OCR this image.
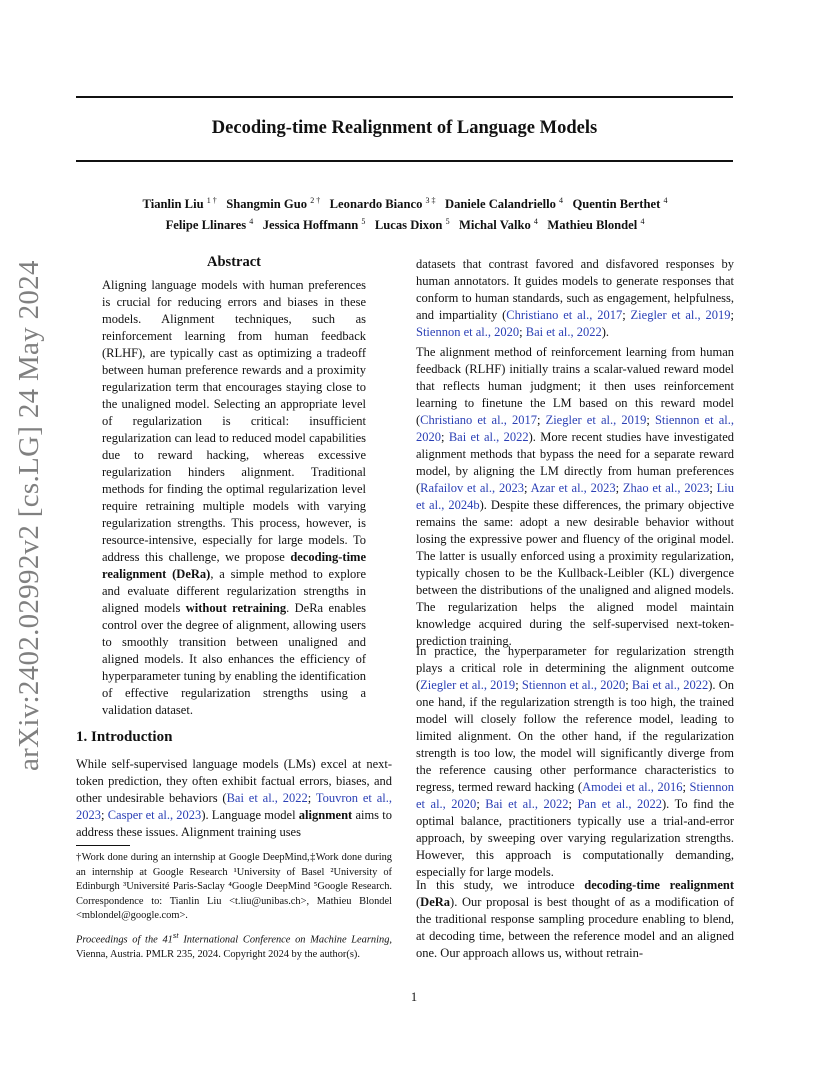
arXiv:2402.02992v2 [cs.LG] 24 May 2024
Decoding-time Realignment of Language Models
Tianlin Liu $^{1 \dagger}$ Shangmin Guo $^{2 \dagger}$ Leonardo Bianco $^{3 \ddagger}$ Daniele Calandriello $^4$ Quentin Berthet $^4$
Felipe Llinares $^4$ Jessica Hoffmann $^5$ Lucas Dixon $^5$ Michal Valko $^4$ Mathieu Blondel $^4$
Abstract
Aligning language models with human preferences is crucial for reducing errors and biases in these models. Alignment techniques, such as reinforcement learning from human feedback (RLHF), are typically cast as optimizing a tradeoff between human preference rewards and a proximity regularization term that encourages staying close to the unaligned model. Selecting an appropriate level of regularization is critical: insufficient regularization can lead to reduced model capabilities due to reward hacking, whereas excessive regularization hinders alignment. Traditional methods for finding the optimal regularization level require retraining multiple models with varying regularization strengths. This process, however, is resource-intensive, especially for large models. To address this challenge, we propose decoding-time realignment (DeRa), a simple method to explore and evaluate different regularization strengths in aligned models without retraining. DeRa enables control over the degree of alignment, allowing users to smoothly transition between unaligned and aligned models. It also enhances the efficiency of hyperparameter tuning by enabling the identification of effective regularization strengths using a validation dataset.
1. Introduction
While self-supervised language models (LMs) excel at next-token prediction, they often exhibit factual errors, biases, and other undesirable behaviors (Bai et al., 2022; Touvron et al., 2023; Casper et al., 2023). Language model alignment aims to address these issues. Alignment training uses
†Work done during an internship at Google DeepMind,‡Work done during an internship at Google Research ¹University of Basel ²University of Edinburgh ³Université Paris-Saclay ⁴Google DeepMind ⁵Google Research. Correspondence to: Tianlin Liu <t.liu@unibas.ch>, Mathieu Blondel <mblondel@google.com>.
Proceedings of the 41st International Conference on Machine Learning, Vienna, Austria. PMLR 235, 2024. Copyright 2024 by the author(s).
datasets that contrast favored and disfavored responses by human annotators. It guides models to generate responses that conform to human standards, such as engagement, helpfulness, and impartiality (Christiano et al., 2017; Ziegler et al., 2019; Stiennon et al., 2020; Bai et al., 2022).
The alignment method of reinforcement learning from human feedback (RLHF) initially trains a scalar-valued reward model that reflects human judgment; it then uses reinforcement learning to finetune the LM based on this reward model (Christiano et al., 2017; Ziegler et al., 2019; Stiennon et al., 2020; Bai et al., 2022). More recent studies have investigated alignment methods that bypass the need for a separate reward model, by aligning the LM directly from human preferences (Rafailov et al., 2023; Azar et al., 2023; Zhao et al., 2023; Liu et al., 2024b). Despite these differences, the primary objective remains the same: adopt a new desirable behavior without losing the expressive power and fluency of the original model. The latter is usually enforced using a proximity regularization, typically chosen to be the Kullback-Leibler (KL) divergence between the distributions of the unaligned and aligned models. The regularization helps the aligned model maintain knowledge acquired during the self-supervised next-token-prediction training.
In practice, the hyperparameter for regularization strength plays a critical role in determining the alignment outcome (Ziegler et al., 2019; Stiennon et al., 2020; Bai et al., 2022). On one hand, if the regularization strength is too high, the trained model will closely follow the reference model, leading to limited alignment. On the other hand, if the regularization strength is too low, the model will significantly diverge from the reference causing other performance characteristics to regress, termed reward hacking (Amodei et al., 2016; Stiennon et al., 2020; Bai et al., 2022; Pan et al., 2022). To find the optimal balance, practitioners typically use a trial-and-error approach, by sweeping over varying regularization strengths. However, this approach is computationally demanding, especially for large models.
In this study, we introduce decoding-time realignment (DeRa). Our proposal is best thought of as a modification of the traditional response sampling procedure enabling to blend, at decoding time, between the reference model and an aligned one. Our approach allows us, without retrain-
1
